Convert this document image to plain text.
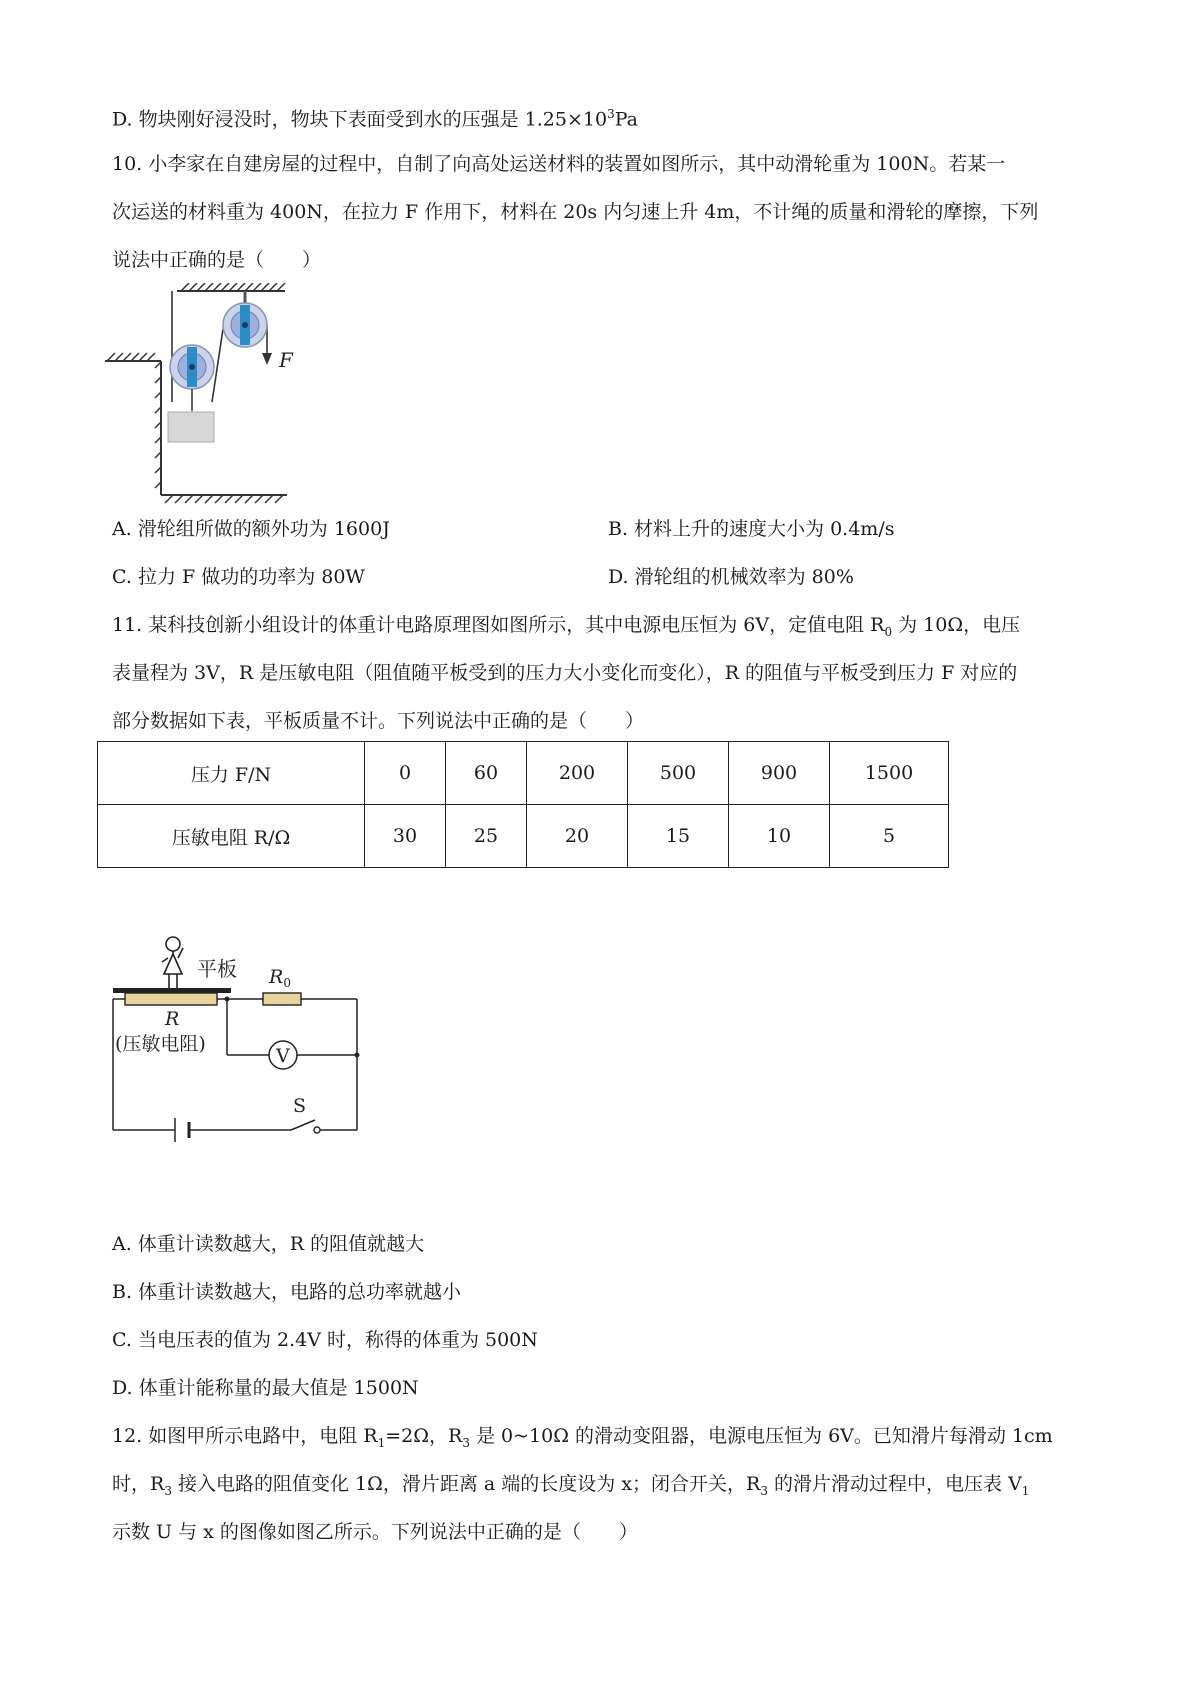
D. 物块刚好浸没时，物块下表面受到水的压强是 $1.25\times 10^3Pa$
10. 小李家在自建房屋的过程中，自制了向高处运送材料的装置如图所示，其中动滑轮重为 100N。若某一
次运送的材料重为 400N，在拉力 F 作用下，材料在 20s 内匀速上升 4m，不计绳的质量和滑轮的摩擦，下列
说法中正确的是（　　）
F
A. 滑轮组所做的额外功为 1600J	B. 材料上升的速度大小为 0.4m/s
C. 拉力 F 做功的功率为 80W	D. 滑轮组的机械效率为 80%
11. 某科技创新小组设计的体重计电路原理图如图所示，其中电源电压恒为 6V，定值电阻 $R_0$ 为 10Ω，电压
表量程为 3V，R 是压敏电阻（阻值随平板受到的压力大小变化而变化），R 的阻值与平板受到压力 F 对应的
部分数据如下表，平板质量不计。下列说法中正确的是（　　）
压力 F/N	0	60	200	500	900	1500
压敏电阻 R/Ω	30	25	20	15	10	5
平板
R
(压敏电阻)
$R_0$
V
S
A. 体重计读数越大，R 的阻值就越大
B. 体重计读数越大，电路的总功率就越小
C. 当电压表的值为 2.4V 时，称得的体重为 500N
D. 体重计能称量的最大值是 1500N
12. 如图甲所示电路中，电阻 $R_1=2\Omega$，$R_3$ 是 0~10Ω 的滑动变阻器，电源电压恒为 6V。已知滑片每滑动 1cm
时，$R_3$ 接入电路的阻值变化 1Ω，滑片距离 a 端的长度设为 x；闭合开关，$R_3$ 的滑片滑动过程中，电压表 $V_1$
示数 U 与 x 的图像如图乙所示。下列说法中正确的是（　　）
